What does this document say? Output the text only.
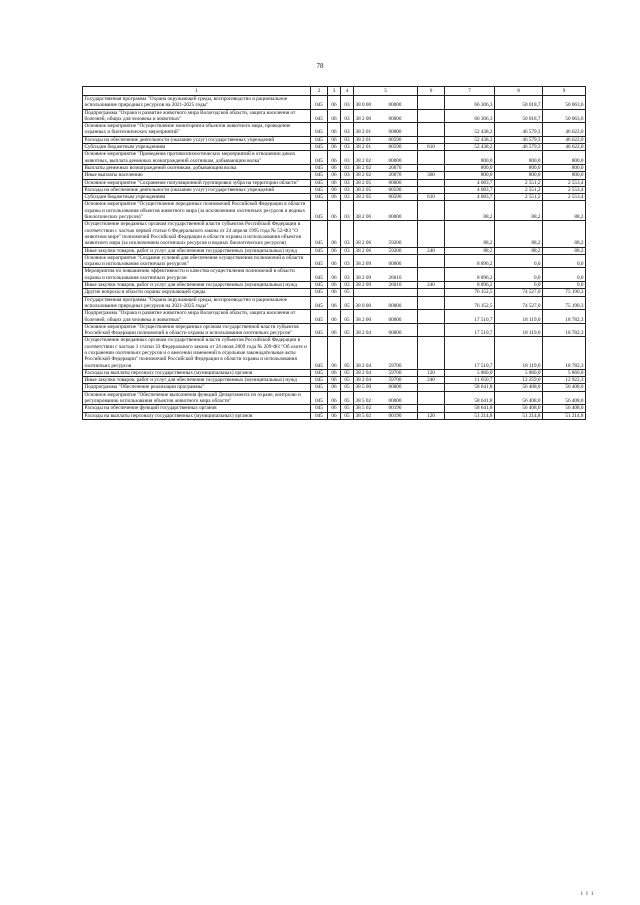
78
1	2	3	4	5	6	7	8	9
Государственная программа "Охрана окружающей среды, воспроизводство и рациональное использование природных ресурсов на 2021-2025 годы"	045	06	03	38 0 00 00000		66 306,3	50 018,7	50 063,6
Подпрограмма "Охрана и развитие животного мира Вологодской области, защита населения от болезней, общих для человека и животных"	045	06	03	38 2 00 00000		66 306,3	50 018,7	50 063,6
Основное мероприятие "Осуществление мониторинга объектов животного мира, проведение охранных и биотехнических мероприятий"	045	06	03	38 2 01 00000		52 438,2	46 579,3	46 622,0
Расходы на обеспечение деятельности (оказание услуг) государственных учреждений	045	06	03	38 2 01 00590		52 438,2	46 579,3	46 622,0
Субсидии бюджетным учреждениям	045	06	03	38 2 01 00590	610	52 438,2	46 579,3	46 622,0
Основное мероприятие "Проведение противоэпизоотических мероприятий в отношении диких животных, выплата денежных вознаграждений охотникам, добывающим волка"	045	06	03	38 2 02 00000		800,0	800,0	800,0
Выплаты денежных вознаграждений охотникам, добывающим волка	045	06	03	38 2 02 20070		800,0	800,0	800,0
Иные выплаты населению	045	06	03	38 2 02 20070	360	800,0	800,0	800,0
Основное мероприятие "Сохранение популяционной группировки зубра на территории области"	045	06	03	38 2 05 00000		4 083,7	2 551,2	2 553,4
Расходы на обеспечение деятельности (оказание услуг) государственных учреждений	045	06	03	38 2 05 00590		4 083,7	2 551,2	2 553,4
Субсидии бюджетным учреждениям	045	06	03	38 2 05 00590	610	4 083,7	2 551,2	2 553,4
Основное мероприятие "Осуществление переданных полномочий Российской Федерации в области охраны и использования объектов животного мира (за исключением охотничьих ресурсов и водных биологических ресурсов)"	045	06	03	38 2 06 00000		88,2	88,2	88,2
Осуществление переданных органам государственной власти субъектов Российской Федерации в соответствии с частью первой статьи 6 Федерального закона от 24 апреля 1995 года № 52-ФЗ "О животном мире" полномочий Российской Федерации в области охраны и использования объектов животного мира (за исключением охотничьих ресурсов и водных биологических ресурсов)	045	06	03	38 2 06 59200		88,2	88,2	88,2
Иные закупки товаров, работ и услуг для обеспечения государственных (муниципальных) нужд	045	06	03	38 2 06 59200	240	88,2	88,2	88,2
Основное мероприятие "Создание условий для обеспечения осуществления полномочий в области охраны и использования охотничьих ресурсов"	045	06	03	38 2 09 00000		8 896,2	0,0	0,0
Мероприятия по повышению эффективности и качества осуществления полномочий в области охраны и использования охотничьих ресурсов	045	06	03	38 2 09 26010		8 896,2	0,0	0,0
Иные закупки товаров, работ и услуг для обеспечения государственных (муниципальных) нужд	045	06	03	38 2 09 26010	240	8 896,2	0,0	0,0
Другие вопросы в области охраны окружающей среды	045	06	05			76 152,5	74 527,0	75 190,3
Государственная программа "Охрана окружающей среды, воспроизводство и рациональное использование природных ресурсов на 2021-2025 годы"	045	06	05	38 0 00 00000		76 152,5	74 527,0	75 190,3
Подпрограмма "Охрана и развитие животного мира Вологодской области, защита населения от болезней, общих для человека и животных"	045	06	05	38 2 00 00000		17 510,7	18 119,0	18 782,3
Основное мероприятие "Осуществление переданных органам государственной власти субъектов Российской Федерации полномочий в области охраны и использования охотничьих ресурсов"	045	06	05	38 2 04 00000		17 510,7	18 119,0	18 782,3
Осуществление переданных органам государственной власти субъектов Российской Федерации в соответствии с частью 1 статьи 33 Федерального закона от 24 июля 2009 года № 209-ФЗ "Об охоте и о сохранении охотничьих ресурсов и о внесении изменений в отдельные законодательные акты Российской Федерации" полномочий Российской Федерации в области охраны и использования охотничьих ресурсов	045	06	05	38 2 04 59700		17 510,7	18 119,0	18 782,3
Расходы на выплаты персоналу государственных (муниципальных) органов	045	06	05	38 2 04 59700	120	5 860,0	5 860,0	5 860,0
Иные закупки товаров, работ и услуг для обеспечения государственных (муниципальных) нужд	045	06	05	38 2 04 59700	240	11 650,7	12 259,0	12 922,3
Подпрограмма "Обеспечение реализации программы"	045	06	05	38 5 00 00000		58 641,8	56 408,0	56 408,0
Основное мероприятие "Обеспечение выполнения функций Департамента по охране, контролю и регулированию использования объектов животного мира области"	045	06	05	38 5 02 00000		58 641,8	56 408,0	56 408,0
Расходы на обеспечение функций государственных органов	045	06	05	38 5 02 00190		58 641,8	56 408,0	56 408,0
Расходы на выплаты персоналу государственных (муниципальных) органов	045	06	05	38 5 02 00190	120	51 214,8	51 214,8	51 214,8
і і і
